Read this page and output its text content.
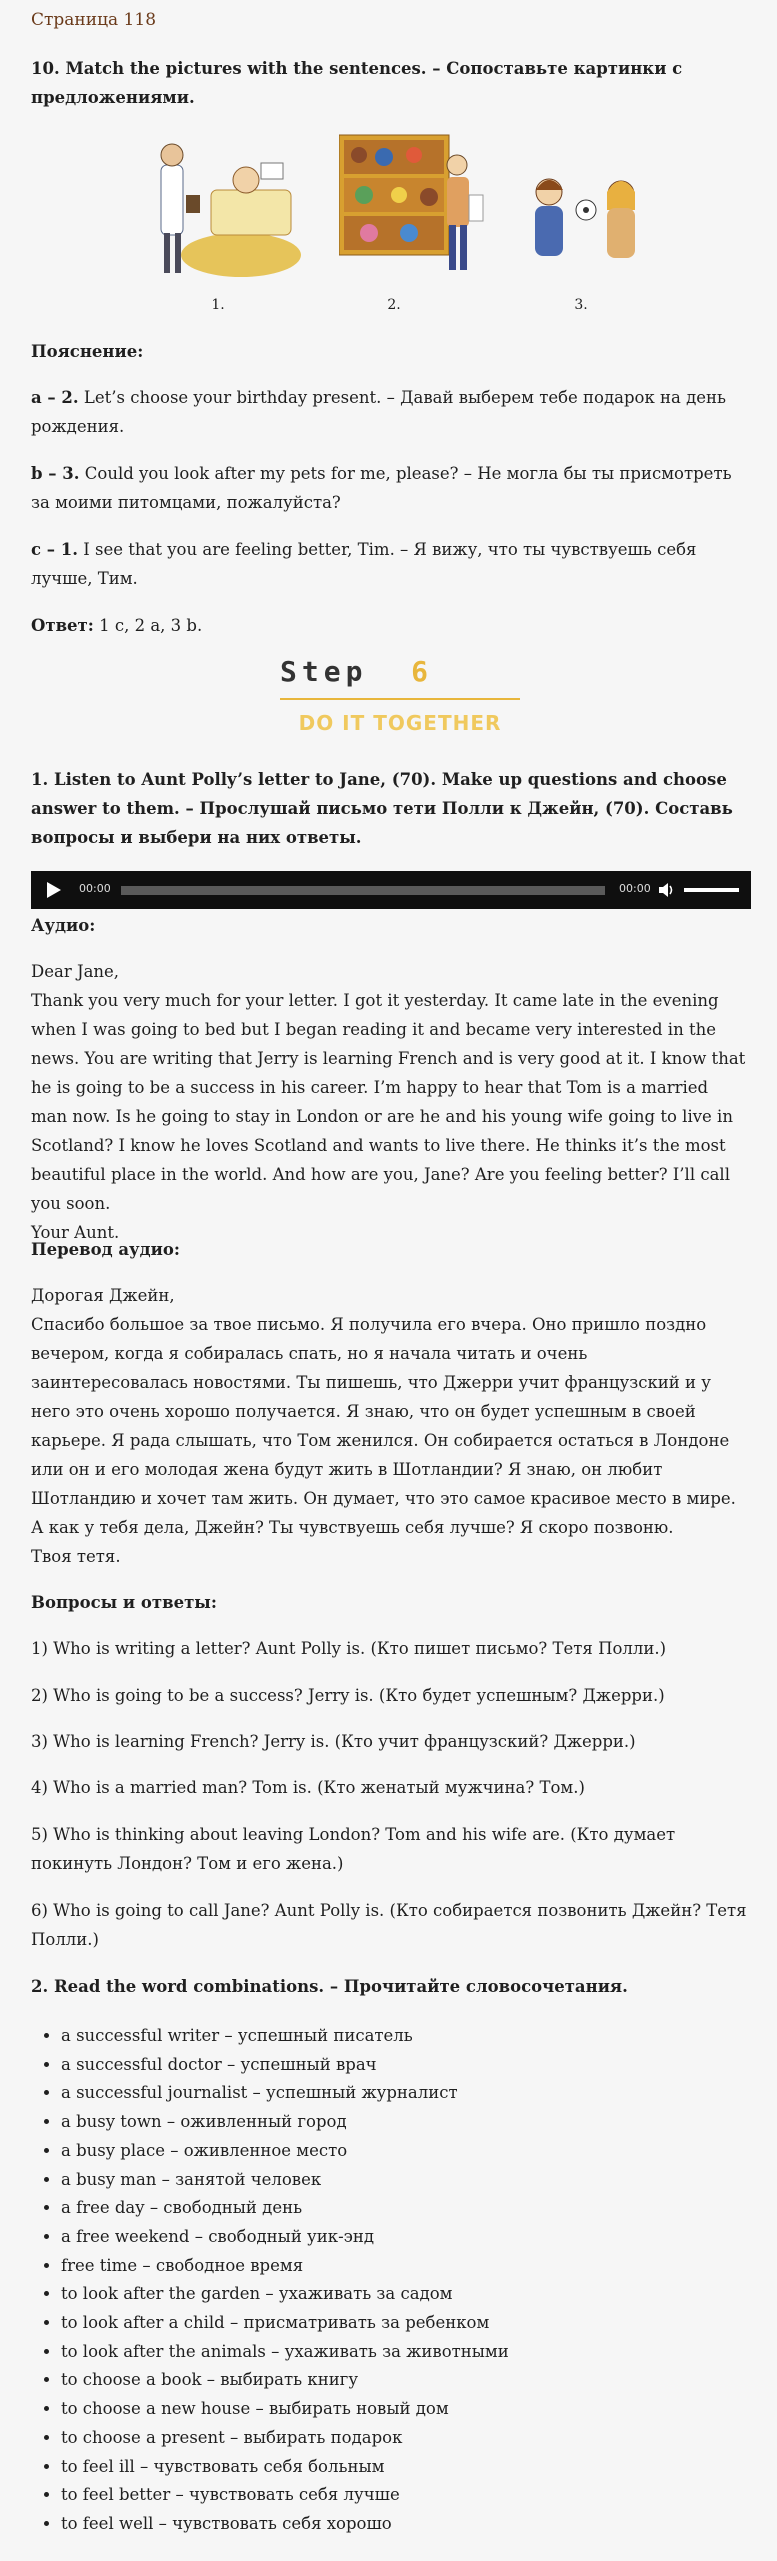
Страница 118
10. Match the pictures with the sentences. – Сопоставьте картинки с предложениями.
1.	2.	3.
Пояснение:
a – 2. Let’s choose your birthday present. – Давай выберем тебе подарок на день рождения.
b – 3. Could you look after my pets for me, please? – Не могла бы ты присмотреть за моими питомцами, пожалуйста?
c – 1. I see that you are feeling better, Tim. – Я вижу, что ты чувствуешь себя лучше, Тим.
Ответ: 1 c, 2 a, 3 b.
Step 6
DO IT TOGETHER
1. Listen to Aunt Polly’s letter to Jane, (70). Make up questions and choose answer to them. – Прослушай письмо тети Полли к Джейн, (70). Составь вопросы и выбери на них ответы.
00:00	00:00
Аудио:
Dear Jane,
Thank you very much for your letter. I got it yesterday. It came late in the evening when I was going to bed but I began reading it and became very interested in the news. You are writing that Jerry is learning French and is very good at it. I know that he is going to be a success in his career. I’m happy to hear that Tom is a married man now. Is he going to stay in London or are he and his young wife going to live in Scotland? I know he loves Scotland and wants to live there. He thinks it’s the most beautiful place in the world. And how are you, Jane? Are you feeling better? I’ll call you soon.
Your Aunt.
Перевод аудио:
Дорогая Джейн,
Спасибо большое за твое письмо. Я получила его вчера. Оно пришло поздно вечером, когда я собиралась спать, но я начала читать и очень заинтересовалась новостями. Ты пишешь, что Джерри учит французский и у него это очень хорошо получается. Я знаю, что он будет успешным в своей карьере. Я рада слышать, что Том женился. Он собирается остаться в Лондоне или он и его молодая жена будут жить в Шотландии? Я знаю, он любит Шотландию и хочет там жить. Он думает, что это самое красивое место в мире. А как у тебя дела, Джейн? Ты чувствуешь себя лучше? Я скоро позвоню.
Твоя тетя.
Вопросы и ответы:
1) Who is writing a letter? Aunt Polly is. (Кто пишет письмо? Тетя Полли.)
2) Who is going to be a success? Jerry is. (Кто будет успешным? Джерри.)
3) Who is learning French? Jerry is. (Кто учит французский? Джерри.)
4) Who is a married man? Tom is. (Кто женатый мужчина? Том.)
5) Who is thinking about leaving London? Tom and his wife are. (Кто думает покинуть Лондон? Том и его жена.)
6) Who is going to call Jane? Aunt Polly is. (Кто собирается позвонить Джейн? Тетя Полли.)
2. Read the word combinations. – Прочитайте словосочетания.
• a successful writer – успешный писатель
• a successful doctor – успешный врач
• a successful journalist – успешный журналист
• a busy town – оживленный город
• a busy place – оживленное место
• a busy man – занятой человек
• a free day – свободный день
• a free weekend – свободный уик-энд
• free time – свободное время
• to look after the garden – ухаживать за садом
• to look after a child – присматривать за ребенком
• to look after the animals – ухаживать за животными
• to choose a book – выбирать книгу
• to choose a new house – выбирать новый дом
• to choose a present – выбирать подарок
• to feel ill – чувствовать себя больным
• to feel better – чувствовать себя лучше
• to feel well – чувствовать себя хорошо
